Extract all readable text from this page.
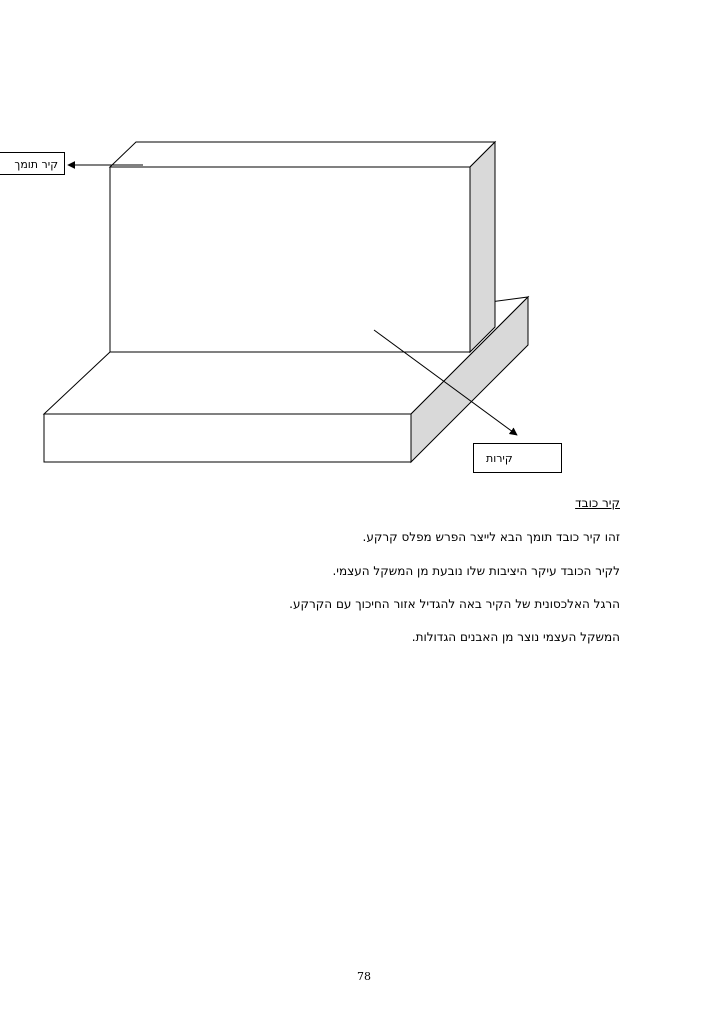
קיר תומך
קירות
קיר כובד
זהו קיר כובד תומך הבא לייצר הפרש מפלס קרקע.
לקיר הכובד עיקר היציבות שלו נובעת מן המשקל העצמי.
הרגל האלכסונית של הקיר באה להגדיל אזור החיכוך עם הקרקע.
המשקל העצמי נוצר מן האבנים הגדולות.
78
